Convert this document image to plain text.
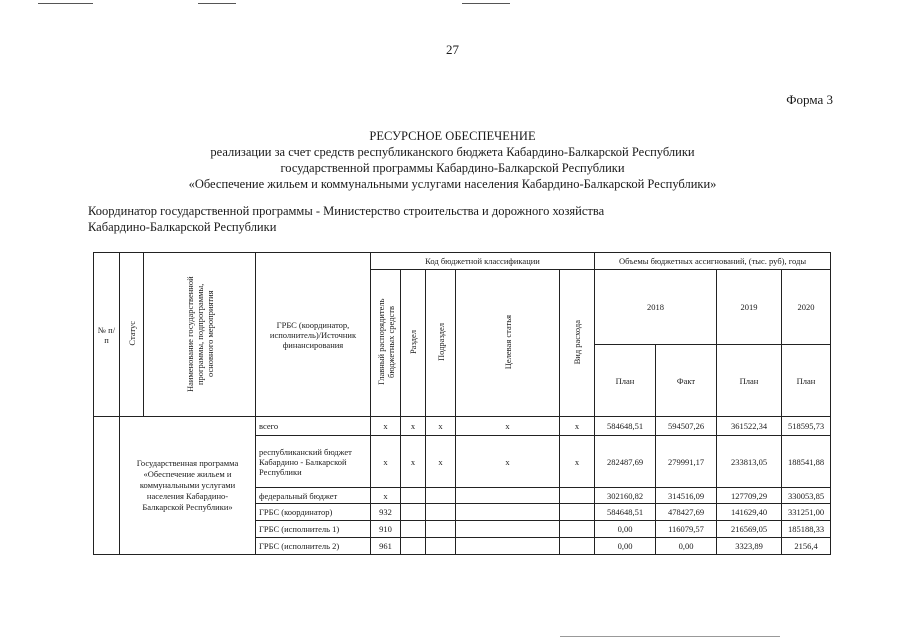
27
Форма 3
РЕСУРСНОЕ ОБЕСПЕЧЕНИЕ
реализации за счет средств республиканского бюджета Кабардино-Балкарской Республики
государственной программы Кабардино-Балкарской Республики
«Обеспечение жильем и коммунальными услугами населения Кабардино-Балкарской Республики»
Координатор государственной программы - Министерство строительства и дорожного хозяйства
Кабардино-Балкарской Республики
№ п/п	Статус	Наименование государственной программы, подпрограммы, основного мероприятия	ГРБС (координатор, исполнитель)/Источник финансирования	Код бюджетной классификации					Объемы бюджетных ассигнований, (тыс. руб), годы			
				Главный распорядитель бюджетных средств	Раздел	Подраздел	Целевая статья	Вид расхода	2018		2019	2020
									План	Факт	План	План
	Государственная программа «Обеспечение жильем и коммунальными услугами населения Кабардино-Балкарской Республики»		всего	x	x	x	x	x	584648,51	594507,26	361522,34	518595,73
			республиканский бюджет Кабардино - Балкарской Республики	x	x	x	x	x	282487,69	279991,17	233813,05	188541,88
			федеральный бюджет	x					302160,82	314516,09	127709,29	330053,85
			ГРБС (координатор)	932					584648,51	478427,69	141629,40	331251,00
			ГРБС (исполнитель 1)	910					0,00	116079,57	216569,05	185188,33
			ГРБС (исполнитель 2)	961					0,00	0,00	3323,89	2156,4
